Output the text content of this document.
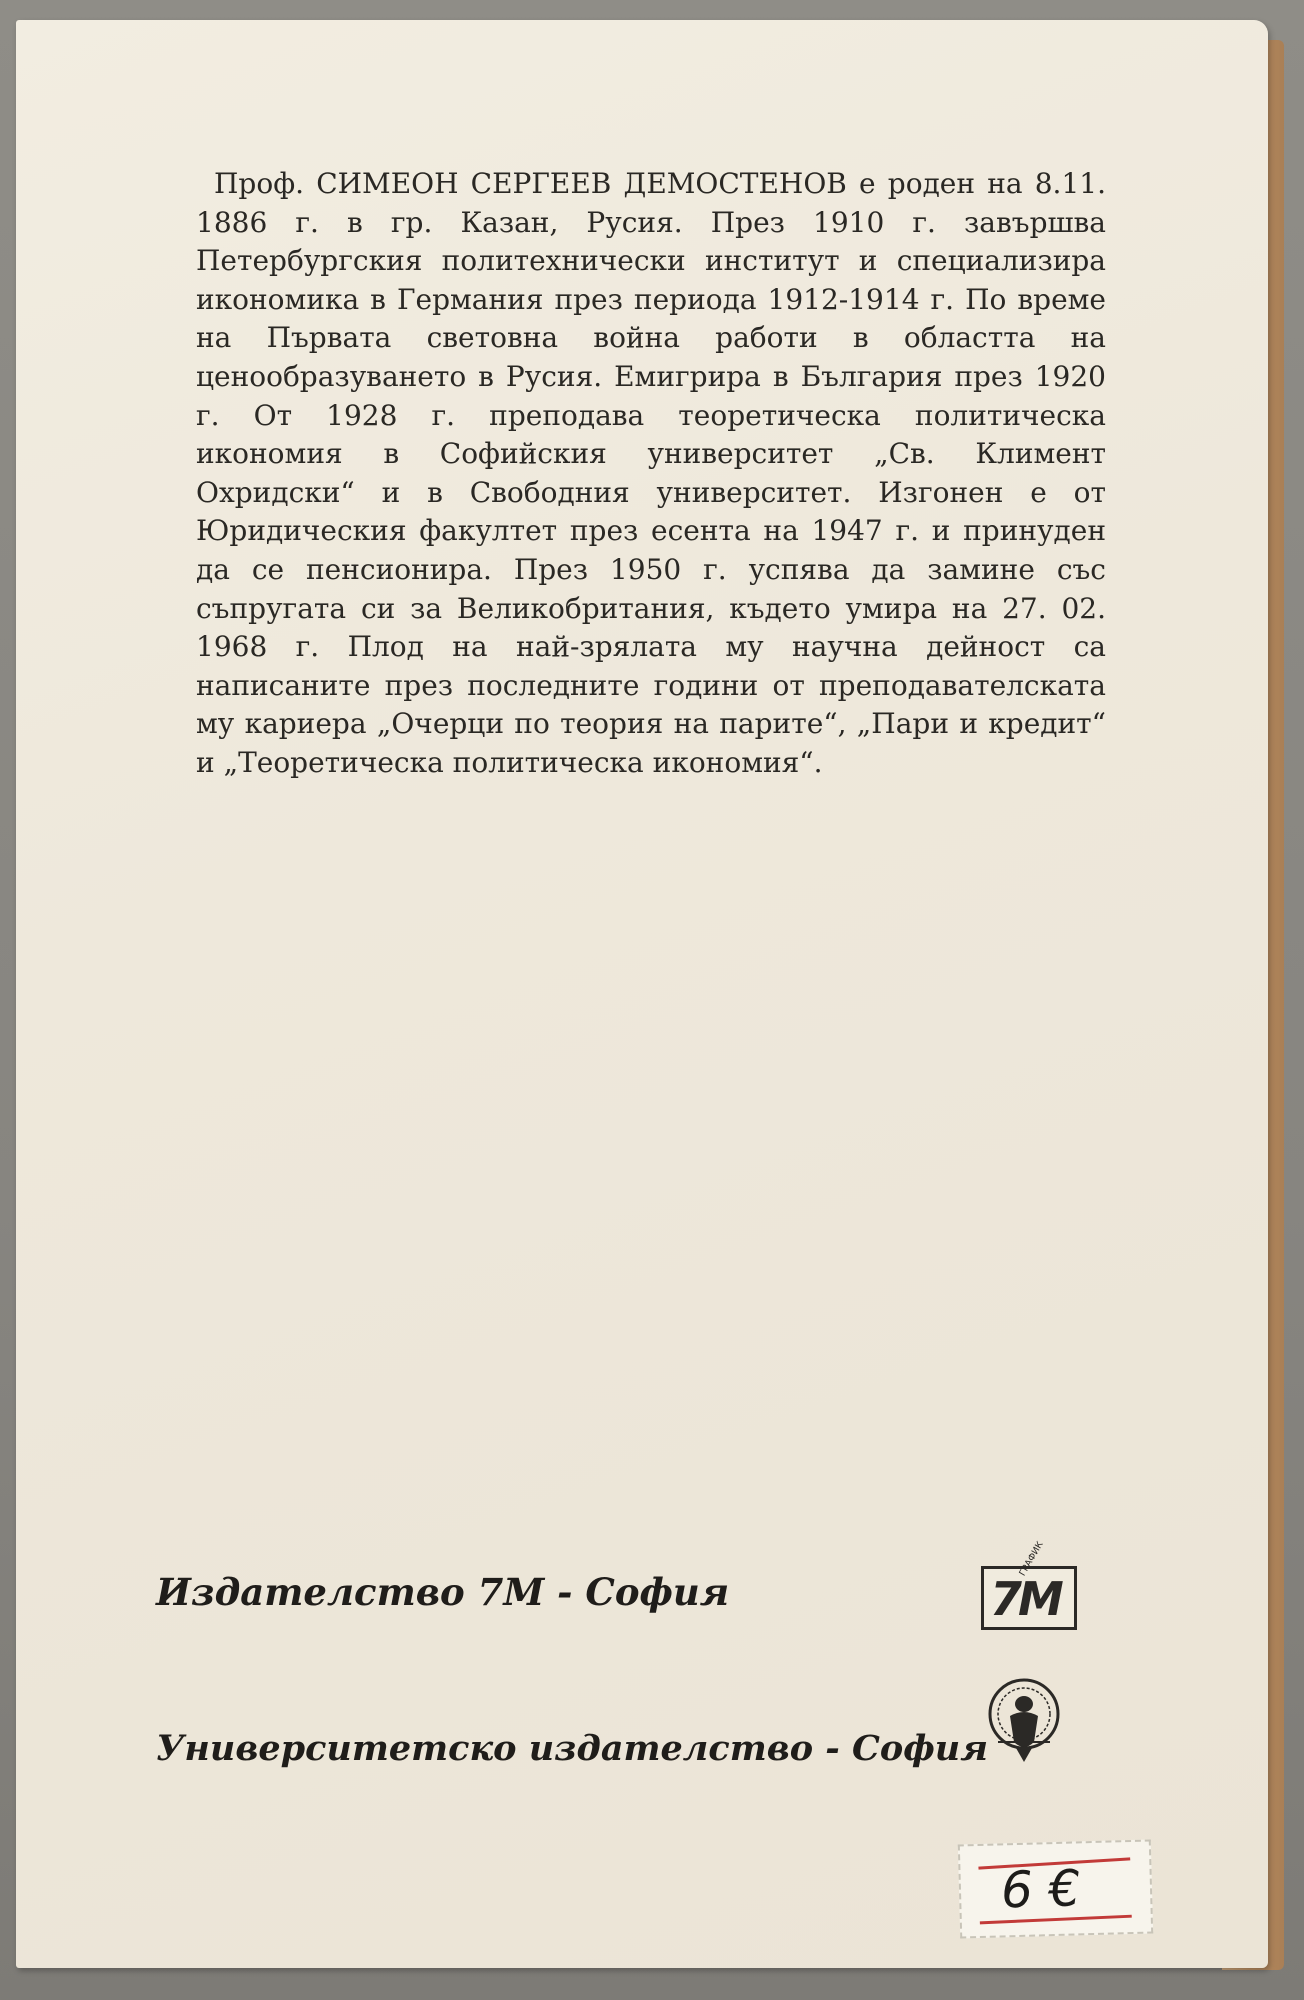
Проф. СИМЕОН СЕРГЕЕВ ДЕМОСТЕНОВ е роден на 8.11. 1886 г. в гр. Казан, Русия. През 1910 г. завършва Петербургския политехнически институт и специализира икономика в Германия през периода 1912-1914 г. По време на Първата световна война работи в областта на ценообразуването в Русия. Емигрира в България през 1920 г. От 1928 г. преподава теоретическа политическа икономия в Софийския университет „Св. Климент Охридски“ и в Свободния университет. Изгонен е от Юридическия факултет през есента на 1947 г. и принуден да се пенсионира. През 1950 г. успява да замине със съпругата си за Великобритания, където умира на 27. 02. 1968 г. Плод на най-зрялата му научна дейност са написаните през последните години от преподавателската му кариера „Очерци по теория на парите“, „Пари и кредит“ и „Теоретическа политическа икономия“.

Издателство 7М - София	7M
ГРАФИК

Университетско издателство - София

6 €
